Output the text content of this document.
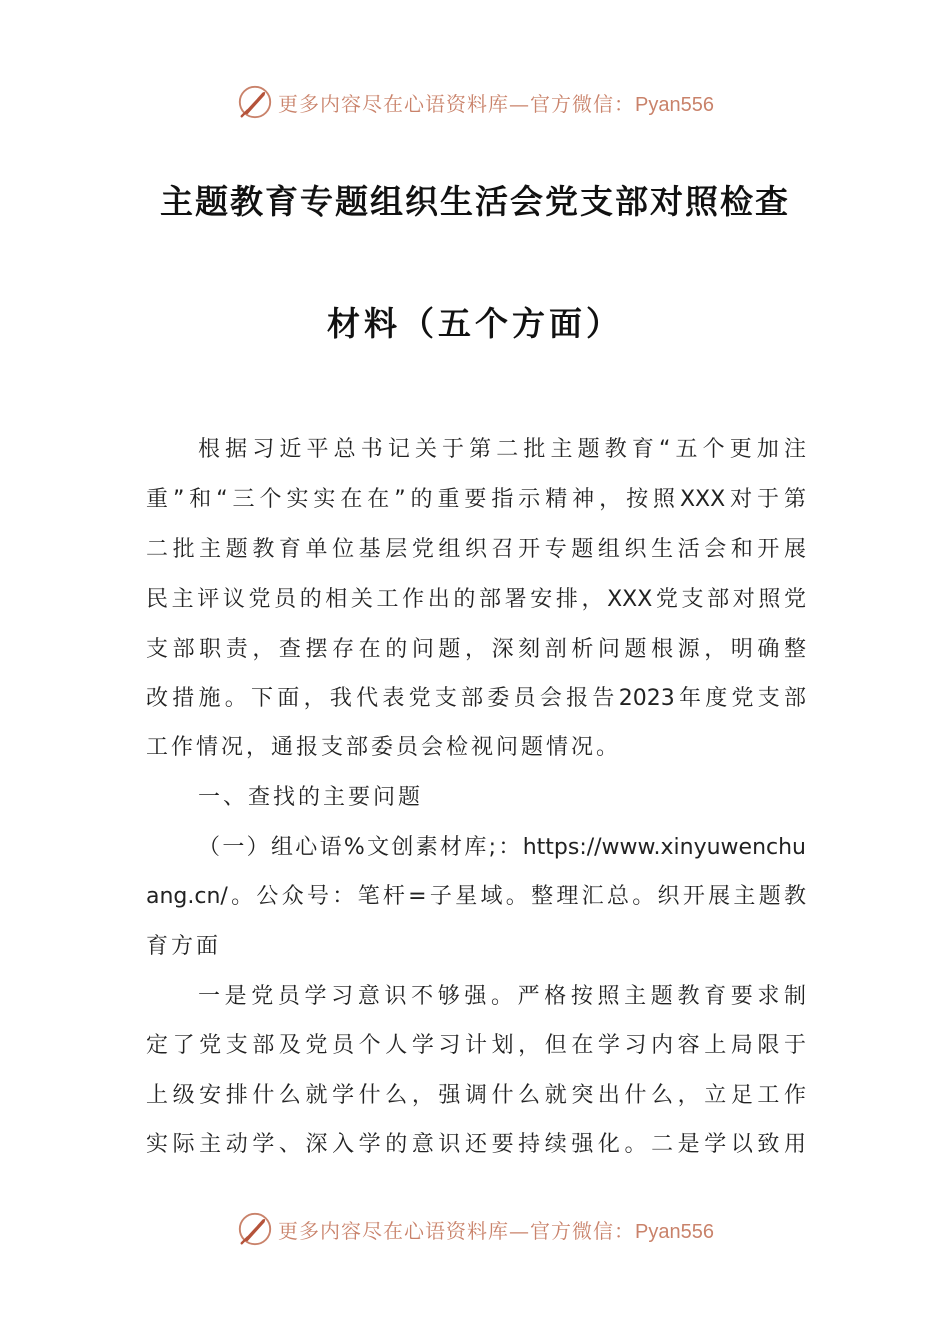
更多内容尽在心语资料库—官方微信：Pyan556
主题教育专题组织生活会党支部对照检查
材料（五个方面）
根据习近平总书记关于第二批主题教育“五个更加注
重”和“三个实实在在”的重要指示精神，按照XXX对于第
二批主题教育单位基层党组织召开专题组织生活会和开展
民主评议党员的相关工作出的部署安排，XXX党支部对照党
支部职责，查摆存在的问题，深刻剖析问题根源，明确整
改措施。下面，我代表党支部委员会报告2023年度党支部
工作情况，通报支部委员会检视问题情况。
一、查找的主要问题
（一）组心语%文创素材库;：https://www.xinyuwenchu
ang.cn/。公众号：笔杆=子星域。整理汇总。织开展主题教
育方面
一是党员学习意识不够强。严格按照主题教育要求制
定了党支部及党员个人学习计划，但在学习内容上局限于
上级安排什么就学什么，强调什么就突出什么，立足工作
实际主动学、深入学的意识还要持续强化。二是学以致用
更多内容尽在心语资料库—官方微信：Pyan556
